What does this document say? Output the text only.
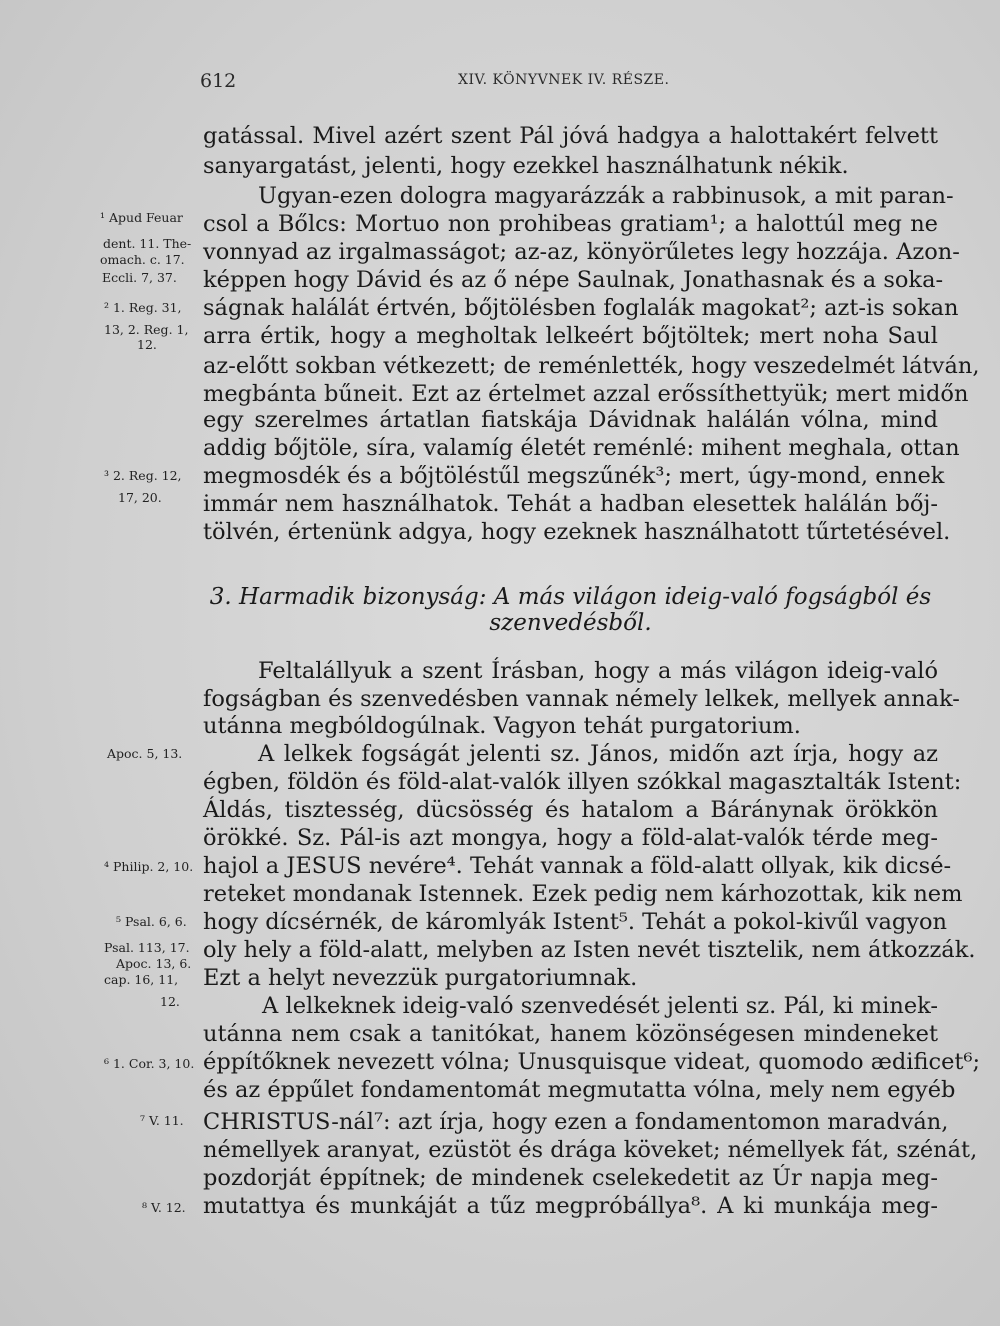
612	XIV. KÖNYVNEK IV. RÉSZE.
gatással. Mivel azért szent Pál jóvá hadgya a halottakért felvett
sanyargatást, jelenti, hogy ezekkel használhatunk nékik.
Ugyan-ezen dologra magyarázzák a rabbinusok, a mit paran-
csol a Bőlcs: Mortuo non prohibeas gratiam¹; a halottúl meg ne
vonnyad az irgalmasságot; az-az, könyörűletes legy hozzája. Azon-
képpen hogy Dávid és az ő népe Saulnak, Jonathasnak és a soka-
ságnak halálát értvén, bőjtölésben foglalák magokat²; azt-is sokan
arra értik, hogy a megholtak lelkeért bőjtöltek; mert noha Saul
az-előtt sokban vétkezett; de reménlették, hogy veszedelmét látván,
megbánta bűneit. Ezt az értelmet azzal erőssíthettyük; mert midőn
egy szerelmes ártatlan fiatskája Dávidnak halálán vólna, mind
addig bőjtöle, síra, valamíg életét reménlé: mihent meghala, ottan
megmosdék és a bőjtöléstűl megszűnék³; mert, úgy-mond, ennek
immár nem használhatok. Tehát a hadban elesettek halálán bőj-
tölvén, értenünk adgya, hogy ezeknek használhatott tűrtetésével.
3. Harmadik bizonyság: A más világon ideig-való fogságból és
szenvedésből.
Feltalállyuk a szent Írásban, hogy a más világon ideig-való
fogságban és szenvedésben vannak némely lelkek, mellyek annak-
utánna megbóldogúlnak. Vagyon tehát purgatorium.
A lelkek fogságát jelenti sz. János, midőn azt írja, hogy az
égben, földön és föld-alat-valók illyen szókkal magasztalták Istent:
Áldás, tisztesség, dücsösség és hatalom a Báránynak örökkön
örökké. Sz. Pál-is azt mongya, hogy a föld-alat-valók térde meg-
hajol a JESUS nevére⁴. Tehát vannak a föld-alatt ollyak, kik dicsé-
reteket mondanak Istennek. Ezek pedig nem kárhozottak, kik nem
hogy dícsérnék, de káromlyák Istent⁵. Tehát a pokol-kivűl vagyon
oly hely a föld-alatt, melyben az Isten nevét tisztelik, nem átkozzák.
Ezt a helyt nevezzük purgatoriumnak.
A lelkeknek ideig-való szenvedését jelenti sz. Pál, ki minek-
utánna nem csak a tanitókat, hanem közönségesen mindeneket
éppítőknek nevezett vólna; Unusquisque videat, quomodo ædificet⁶;
és az éppűlet fondamentomát megmutatta vólna, mely nem egyéb
CHRISTUS-nál⁷: azt írja, hogy ezen a fondamentomon maradván,
némellyek aranyat, ezüstöt és drága köveket; némellyek fát, szénát,
pozdorját éppítnek; de mindenek cselekedetit az Úr napja meg-
mutattya és munkáját a tűz megpróbállya⁸. A ki munkája meg-
¹ Apud Feuar
dent. 11. The-
omach. c. 17.
Eccli. 7, 37.
² 1. Reg. 31,
13, 2. Reg. 1,
12.
³ 2. Reg. 12,
17, 20.
Apoc. 5, 13.
⁴ Philip. 2, 10.
⁵ Psal. 6, 6.
Psal. 113, 17.
Apoc. 13, 6.
cap. 16, 11,
12.
⁶ 1. Cor. 3, 10.
⁷ V. 11.
⁸ V. 12.
